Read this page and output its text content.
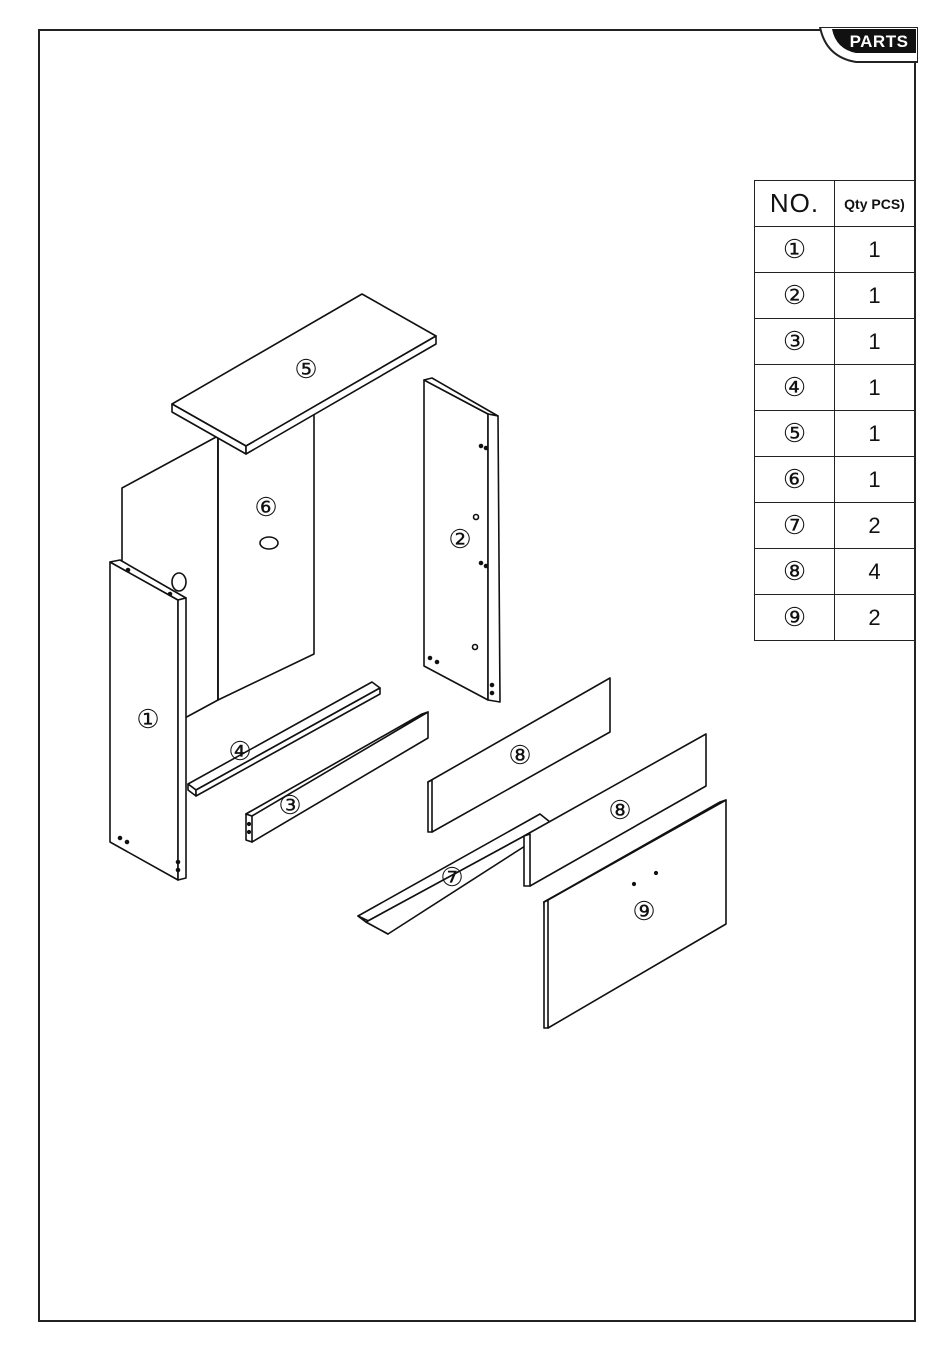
PARTS
NO.	Qty PCS)
①	1
②	1
③	1
④	1
⑤	1
⑥	1
⑦	2
⑧	4
⑨	2
⑤
⑥
②
①
④
③
⑧
⑧
⑦
⑨
